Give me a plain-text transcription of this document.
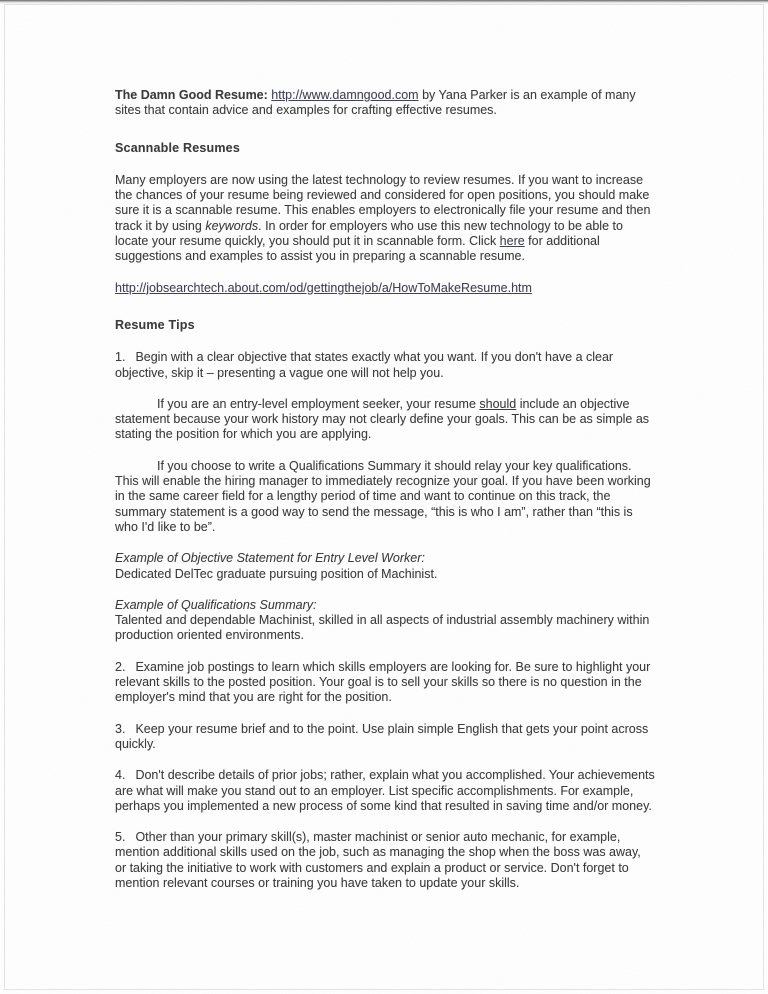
The Damn Good Resume: http://www.damngood.com by Yana Parker is an example of many sites that contain advice and examples for crafting effective resumes.

Scannable Resumes

Many employers are now using the latest technology to review resumes. If you want to increase the chances of your resume being reviewed and considered for open positions, you should make sure it is a scannable resume. This enables employers to electronically file your resume and then track it by using keywords. In order for employers who use this new technology to be able to locate your resume quickly, you should put it in scannable form. Click here for additional suggestions and examples to assist you in preparing a scannable resume.

http://jobsearchtech.about.com/od/gettingthejob/a/HowToMakeResume.htm

Resume Tips

1. Begin with a clear objective that states exactly what you want. If you don't have a clear objective, skip it – presenting a vague one will not help you.

If you are an entry-level employment seeker, your resume should include an objective statement because your work history may not clearly define your goals. This can be as simple as stating the position for which you are applying.

If you choose to write a Qualifications Summary it should relay your key qualifications. This will enable the hiring manager to immediately recognize your goal. If you have been working in the same career field for a lengthy period of time and want to continue on this track, the summary statement is a good way to send the message, “this is who I am”, rather than “this is who I'd like to be”.

Example of Objective Statement for Entry Level Worker:
Dedicated DelTec graduate pursuing position of Machinist.

Example of Qualifications Summary:
Talented and dependable Machinist, skilled in all aspects of industrial assembly machinery within production oriented environments.

2. Examine job postings to learn which skills employers are looking for. Be sure to highlight your relevant skills to the posted position. Your goal is to sell your skills so there is no question in the employer's mind that you are right for the position.

3. Keep your resume brief and to the point. Use plain simple English that gets your point across quickly.

4. Don't describe details of prior jobs; rather, explain what you accomplished. Your achievements are what will make you stand out to an employer. List specific accomplishments. For example, perhaps you implemented a new process of some kind that resulted in saving time and/or money.

5. Other than your primary skill(s), master machinist or senior auto mechanic, for example, mention additional skills used on the job, such as managing the shop when the boss was away, or taking the initiative to work with customers and explain a product or service. Don't forget to mention relevant courses or training you have taken to update your skills.
